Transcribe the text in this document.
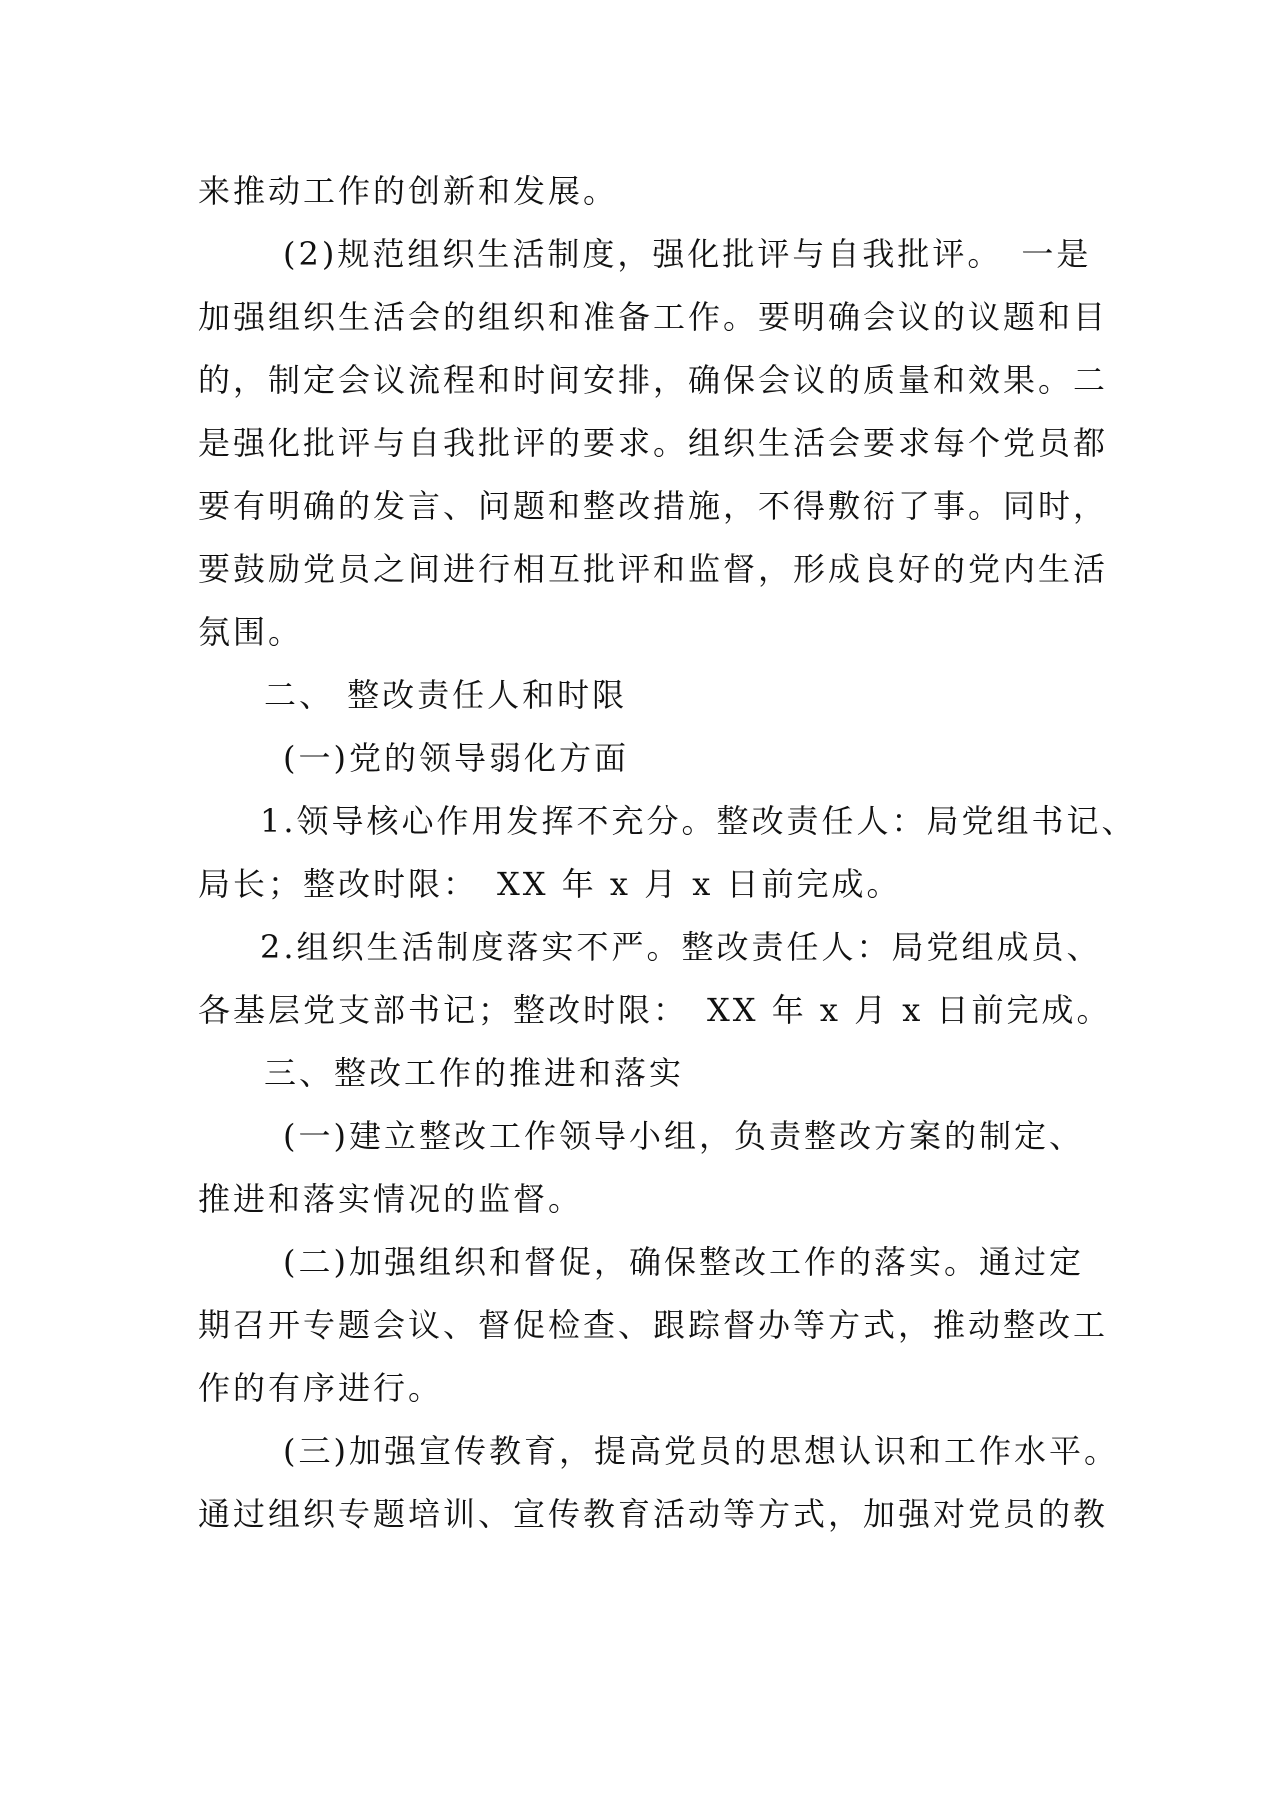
来推动工作的创新和发展。
(2)规范组织生活制度，强化批评与自我批评。　一是
加强组织生活会的组织和准备工作。要明确会议的议题和目
的，制定会议流程和时间安排，确保会议的质量和效果。二
是强化批评与自我批评的要求。组织生活会要求每个党员都
要有明确的发言、问题和整改措施，不得敷衍了事。同时，
要鼓励党员之间进行相互批评和监督，形成良好的党内生活
氛围。
二、 整改责任人和时限
(一)党的领导弱化方面
1.领导核心作用发挥不充分。整改责任人：局党组书记、
局长；整改时限：　XX 年 x 月 x 日前完成。
2.组织生活制度落实不严。整改责任人：局党组成员、
各基层党支部书记；整改时限：　XX 年 x 月 x 日前完成。
三、整改工作的推进和落实
(一)建立整改工作领导小组，负责整改方案的制定、
推进和落实情况的监督。
(二)加强组织和督促，确保整改工作的落实。通过定
期召开专题会议、督促检查、跟踪督办等方式，推动整改工
作的有序进行。
(三)加强宣传教育，提高党员的思想认识和工作水平。
通过组织专题培训、宣传教育活动等方式，加强对党员的教
